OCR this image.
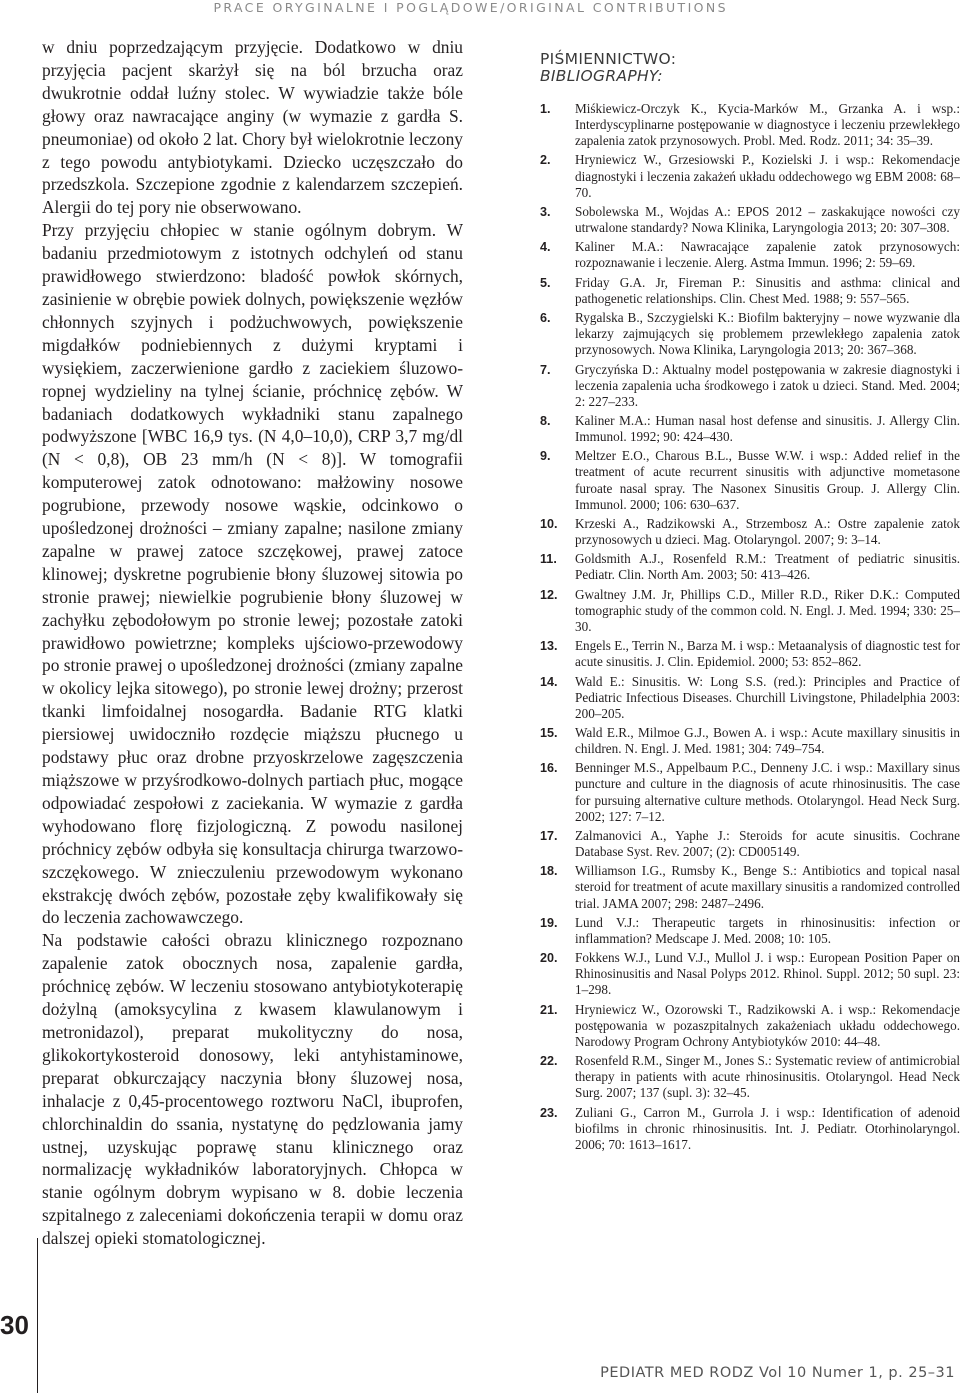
PRACE ORYGINALNE I POGLĄDOWE/ORIGINAL CONTRIBUTIONS

w dniu poprzedzającym przyjęcie. Dodatkowo w dniu przyjęcia pacjent skarżył się na ból brzucha oraz dwukrotnie oddał luźny stolec. W wywiadzie także bóle głowy oraz nawracające anginy (w wymazie z gardła S. pneumoniae) od około 2 lat. Chory był wielokrotnie leczony z tego powodu antybiotykami. Dziecko uczęszczało do przedszkola. Szczepione zgodnie z kalendarzem szczepień. Alergii do tej pory nie obserwowano.

Przy przyjęciu chłopiec w stanie ogólnym dobrym. W badaniu przedmiotowym z istotnych odchyleń od stanu prawidłowego stwierdzono: bladość powłok skórnych, zasinienie w obrębie powiek dolnych, powiększenie węzłów chłonnych szyjnych i podżuchwowych, powiększenie migdałków podniebiennych z dużymi kryptami i wysiękiem, zaczerwienione gardło z zaciekiem śluzowo-ropnej wydzieliny na tylnej ścianie, próchnicę zębów. W badaniach dodatkowych wykładniki stanu zapalnego podwyższone [WBC 16,9 tys. (N 4,0–10,0), CRP 3,7 mg/dl (N < 0,8), OB 23 mm/h (N < 8)]. W tomografii komputerowej zatok odnotowano: małżowiny nosowe pogrubione, przewody nosowe wąskie, odcinkowo o upośledzonej drożności – zmiany zapalne; nasilone zmiany zapalne w prawej zatoce szczękowej, prawej zatoce klinowej; dyskretne pogrubienie błony śluzowej sitowia po stronie prawej; niewielkie pogrubienie błony śluzowej w zachyłku zębodołowym po stronie lewej; pozostałe zatoki prawidłowo powietrzne; kompleks ujściowo-przewodowy po stronie prawej o upośledzonej drożności (zmiany zapalne w okolicy lejka sitowego), po stronie lewej drożny; przerost tkanki limfoidalnej nosogardła. Badanie RTG klatki piersiowej uwidoczniło rozdęcie miąższu płucnego u podstawy płuc oraz drobne przyoskrzelowe zagęszczenia miąższowe w przyśrodkowo-dolnych partiach płuc, mogące odpowiadać zespołowi z zaciekania. W wymazie z gardła wyhodowano florę fizjologiczną. Z powodu nasilonej próchnicy zębów odbyła się konsultacja chirurga twarzowo-szczękowego. W znieczuleniu przewodowym wykonano ekstrakcję dwóch zębów, pozostałe zęby kwalifikowały się do leczenia zachowawczego.

Na podstawie całości obrazu klinicznego rozpoznano zapalenie zatok obocznych nosa, zapalenie gardła, próchnicę zębów. W leczeniu stosowano antybiotykoterapię dożylną (amoksycylina z kwasem klawulanowym i metronidazol), preparat mukolityczny do nosa, glikokortykosteroid donosowy, leki antyhistaminowe, preparat obkurczający naczynia błony śluzowej nosa, inhalacje z 0,45-procentowego roztworu NaCl, ibuprofen, chlorchinaldin do ssania, nystatynę do pędzlowania jamy ustnej, uzyskując poprawę stanu klinicznego oraz normalizację wykładników laboratoryjnych. Chłopca w stanie ogólnym dobrym wypisano w 8. dobie leczenia szpitalnego z zaleceniami dokończenia terapii w domu oraz dalszej opieki stomatologicznej.

PIŚMIENNICTWO:
BIBLIOGRAPHY:
1. Miśkiewicz-Orczyk K., Kycia-Marków M., Grzanka A. i wsp.: Interdyscyplinarne postępowanie w diagnostyce i leczeniu przewlekłego zapalenia zatok przynosowych. Probl. Med. Rodz. 2011; 34: 35–39.
2. Hryniewicz W., Grzesiowski P., Kozielski J. i wsp.: Rekomendacje diagnostyki i leczenia zakażeń układu oddechowego wg EBM 2008: 68–70.
3. Sobolewska M., Wojdas A.: EPOS 2012 – zaskakujące nowości czy utrwalone standardy? Nowa Klinika, Laryngologia 2013; 20: 307–308.
4. Kaliner M.A.: Nawracające zapalenie zatok przynosowych: rozpoznawanie i leczenie. Alerg. Astma Immun. 1996; 2: 59–69.
5. Friday G.A. Jr, Fireman P.: Sinusitis and asthma: clinical and pathogenetic relationships. Clin. Chest Med. 1988; 9: 557–565.
6. Rygalska B., Szczygielski K.: Biofilm bakteryjny – nowe wyzwanie dla lekarzy zajmujących się problemem przewlekłego zapalenia zatok przynosowych. Nowa Klinika, Laryngologia 2013; 20: 367–368.
7. Gryczyńska D.: Aktualny model postępowania w zakresie diagnostyki i leczenia zapalenia ucha środkowego i zatok u dzieci. Stand. Med. 2004; 2: 227–233.
8. Kaliner M.A.: Human nasal host defense and sinusitis. J. Allergy Clin. Immunol. 1992; 90: 424–430.
9. Meltzer E.O., Charous B.L., Busse W.W. i wsp.: Added relief in the treatment of acute recurrent sinusitis with adjunctive mometasone furoate nasal spray. The Nasonex Sinusitis Group. J. Allergy Clin. Immunol. 2000; 106: 630–637.
10. Krzeski A., Radzikowski A., Strzembosz A.: Ostre zapalenie zatok przynosowych u dzieci. Mag. Otolaryngol. 2007; 9: 3–14.
11. Goldsmith A.J., Rosenfeld R.M.: Treatment of pediatric sinusitis. Pediatr. Clin. North Am. 2003; 50: 413–426.
12. Gwaltney J.M. Jr, Phillips C.D., Miller R.D., Riker D.K.: Computed tomographic study of the common cold. N. Engl. J. Med. 1994; 330: 25–30.
13. Engels E., Terrin N., Barza M. i wsp.: Metaanalysis of diagnostic test for acute sinusitis. J. Clin. Epidemiol. 2000; 53: 852–862.
14. Wald E.: Sinusitis. W: Long S.S. (red.): Principles and Practice of Pediatric Infectious Diseases. Churchill Livingstone, Philadelphia 2003: 200–205.
15. Wald E.R., Milmoe G.J., Bowen A. i wsp.: Acute maxillary sinusitis in children. N. Engl. J. Med. 1981; 304: 749–754.
16. Benninger M.S., Appelbaum P.C., Denneny J.C. i wsp.: Maxillary sinus puncture and culture in the diagnosis of acute rhinosinusitis. The case for pursuing alternative culture methods. Otolaryngol. Head Neck Surg. 2002; 127: 7–12.
17. Zalmanovici A., Yaphe J.: Steroids for acute sinusitis. Cochrane Database Syst. Rev. 2007; (2): CD005149.
18. Williamson I.G., Rumsby K., Benge S.: Antibiotics and topical nasal steroid for treatment of acute maxillary sinusitis a randomized controlled trial. JAMA 2007; 298: 2487–2496.
19. Lund V.J.: Therapeutic targets in rhinosinusitis: infection or inflammation? Medscape J. Med. 2008; 10: 105.
20. Fokkens W.J., Lund V.J., Mullol J. i wsp.: European Position Paper on Rhinosinusitis and Nasal Polyps 2012. Rhinol. Suppl. 2012; 50 supl. 23: 1–298.
21. Hryniewicz W., Ozorowski T., Radzikowski A. i wsp.: Rekomendacje postępowania w pozaszpitalnych zakażeniach układu oddechowego. Narodowy Program Ochrony Antybiotyków 2010: 44–48.
22. Rosenfeld R.M., Singer M., Jones S.: Systematic review of antimicrobial therapy in patients with acute rhinosinusitis. Otolaryngol. Head Neck Surg. 2007; 137 (supl. 3): 32–45.
23. Zuliani G., Carron M., Gurrola J. i wsp.: Identification of adenoid biofilms in chronic rhinosinusitis. Int. J. Pediatr. Otorhinolaryngol. 2006; 70: 1613–1617.
30
PEDIATR MED RODZ Vol 10 Numer 1, p. 25–31
